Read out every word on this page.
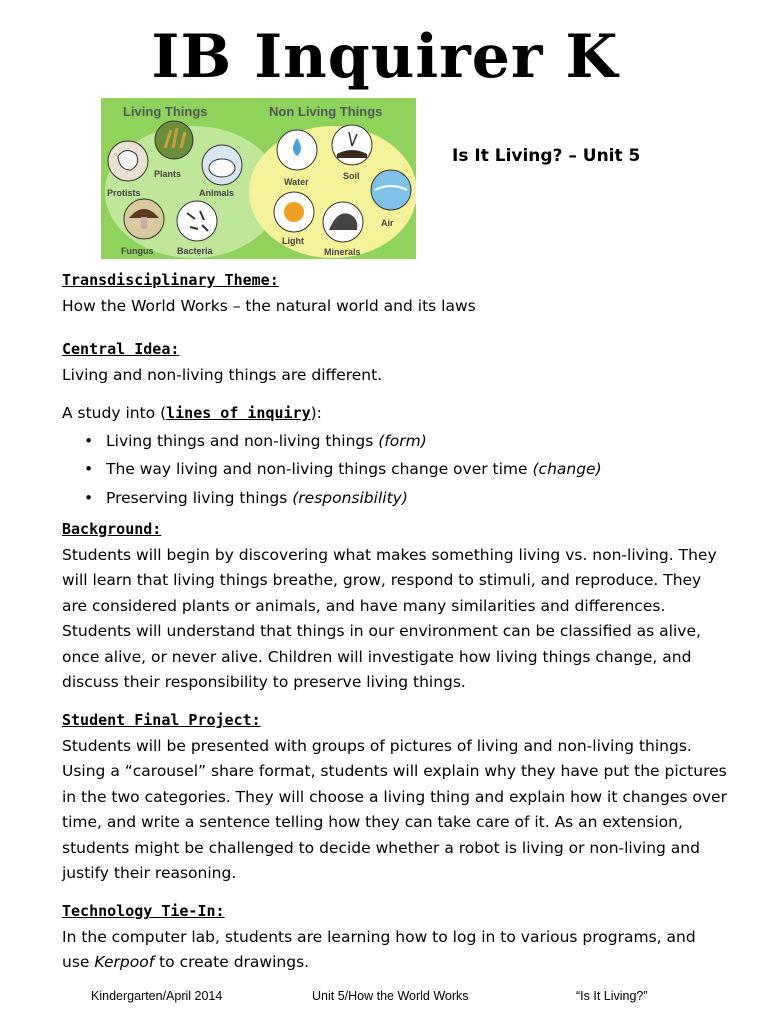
IB Inquirer K
Living Things	Non Living Things
Protists
Plants
Animals
Fungus	Bacteria
Water
Soil
Air
Light
Minerals
Is It Living? – Unit 5
Transdisciplinary Theme:
How the World Works – the natural world and its laws
Central Idea:
Living and non-living things are different.
A study into (lines of inquiry):
• Living things and non-living things (form)
• The way living and non-living things change over time (change)
• Preserving living things (responsibility)
Background:
Students will begin by discovering what makes something living vs. non-living. They will learn that living things breathe, grow, respond to stimuli, and reproduce. They are considered plants or animals, and have many similarities and differences. Students will understand that things in our environment can be classified as alive, once alive, or never alive. Children will investigate how living things change, and discuss their responsibility to preserve living things.
Student Final Project:
Students will be presented with groups of pictures of living and non-living things. Using a “carousel” share format, students will explain why they have put the pictures in the two categories. They will choose a living thing and explain how it changes over time, and write a sentence telling how they can take care of it. As an extension, students might be challenged to decide whether a robot is living or non-living and justify their reasoning.
Technology Tie-In:
In the computer lab, students are learning how to log in to various programs, and use Kerpoof to create drawings.
Kindergarten/April 2014	Unit 5/How the World Works	“Is It Living?”
